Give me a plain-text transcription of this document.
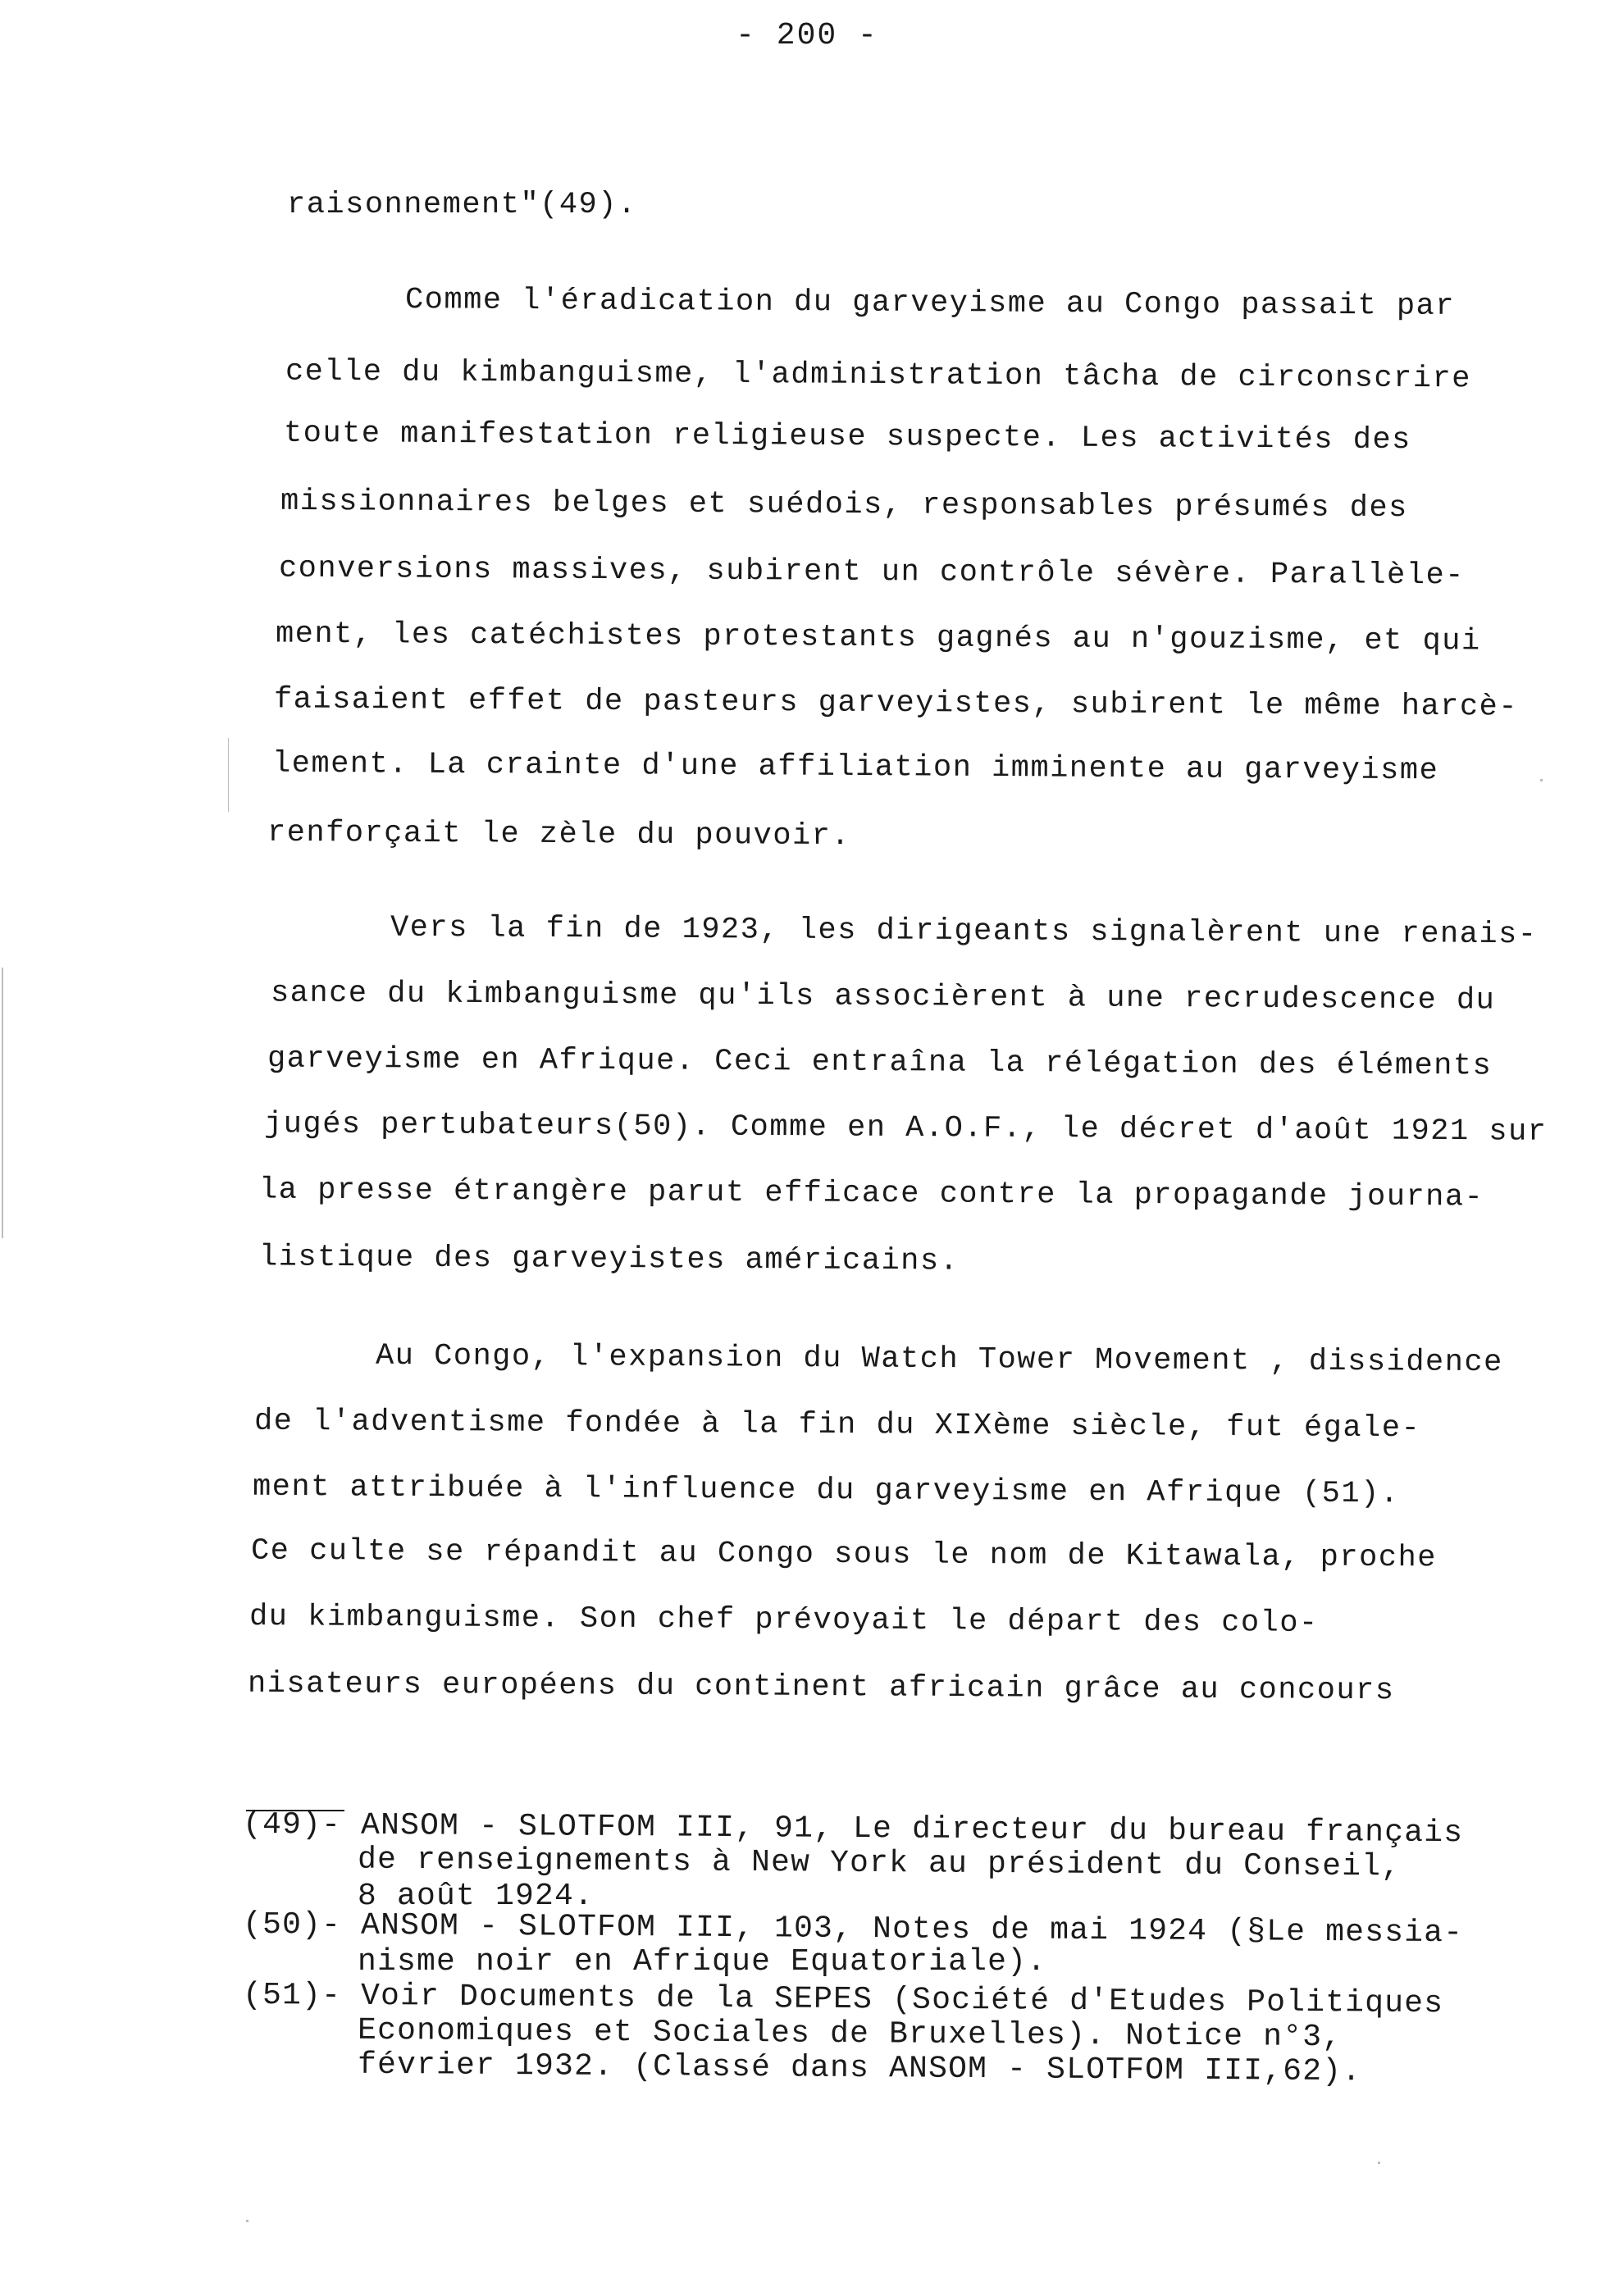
- 200 -
raisonnement"(49).
Comme l'éradication du garveyisme au Congo passait par
celle du kimbanguisme, l'administration tâcha de circonscrire
toute manifestation religieuse suspecte. Les activités des
missionnaires belges et suédois, responsables présumés des
conversions massives, subirent un contrôle sévère. Parallèle-
ment, les catéchistes protestants gagnés au n'gouzisme, et qui
faisaient effet de pasteurs garveyistes, subirent le même harcè-
lement. La crainte d'une affiliation imminente au garveyisme
renforçait le zèle du pouvoir.
Vers la fin de 1923, les dirigeants signalèrent une renais-
sance du kimbanguisme qu'ils associèrent à une recrudescence du
garveyisme en Afrique. Ceci entraîna la rélégation des éléments
jugés pertubateurs(50). Comme en A.O.F., le décret d'août 1921 sur
la presse étrangère parut efficace contre la propagande journa-
listique des garveyistes américains.
Au Congo, l'expansion du Watch Tower Movement , dissidence
de l'adventisme fondée à la fin du XIXème siècle, fut égale-
ment attribuée à l'influence du garveyisme en Afrique (51).
Ce culte se répandit au Congo sous le nom de Kitawala, proche
du kimbanguisme. Son chef prévoyait le départ des colo-
nisateurs européens du continent africain grâce au concours
(49)- ANSOM - SLOTFOM III, 91, Le directeur du bureau français
de renseignements à New York au président du Conseil,
8 août 1924.
(50)- ANSOM - SLOTFOM III, 103, Notes de mai 1924 (§Le messia-
nisme noir en Afrique Equatoriale).
(51)- Voir Documents de la SEPES (Société d'Etudes Politiques
Economiques et Sociales de Bruxelles). Notice n°3,
février 1932. (Classé dans ANSOM - SLOTFOM III,62).
